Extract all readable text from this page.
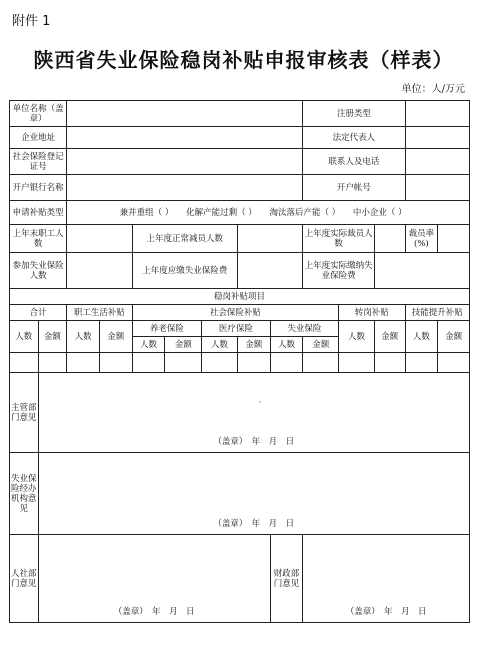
附件 1
陕西省失业保险稳岗补贴申报审核表（样表）
单位：人/万元
单位名称（盖章）									注册类型				
企业地址									法定代表人				
社会保险登记证号									联系人及电话				
开户银行名称									开户帐号				
申请补贴类型		兼并重组（ ） 化解产能过剩（ ） 淘汰落后产能（ ） 中小企业（ ）											
上年末职工人数				上年度正常减员人数					上年度实际裁员人数			裁员率(%)	
参加失业保险人数				上年度应缴失业保险费					上年度实际缴纳失业保险费				
稳岗补贴项目													
合计		职工生活补贴		社会保险补贴						转岗补贴		技能提升补贴	
人数	金额	人数	金额	养老保险		医疗保险		失业保险		人数	金额	人数	金额
				人数	金额	人数	金额	人数	金额				

主管部门意见													
	·												

	（盖章）　年　月　日												
失业保险经办机构意见													
	（盖章）　年　月　日												
人社部门意见								财政部门意见					
	（盖章）　年　月　日								（盖章）　年　月　日				
